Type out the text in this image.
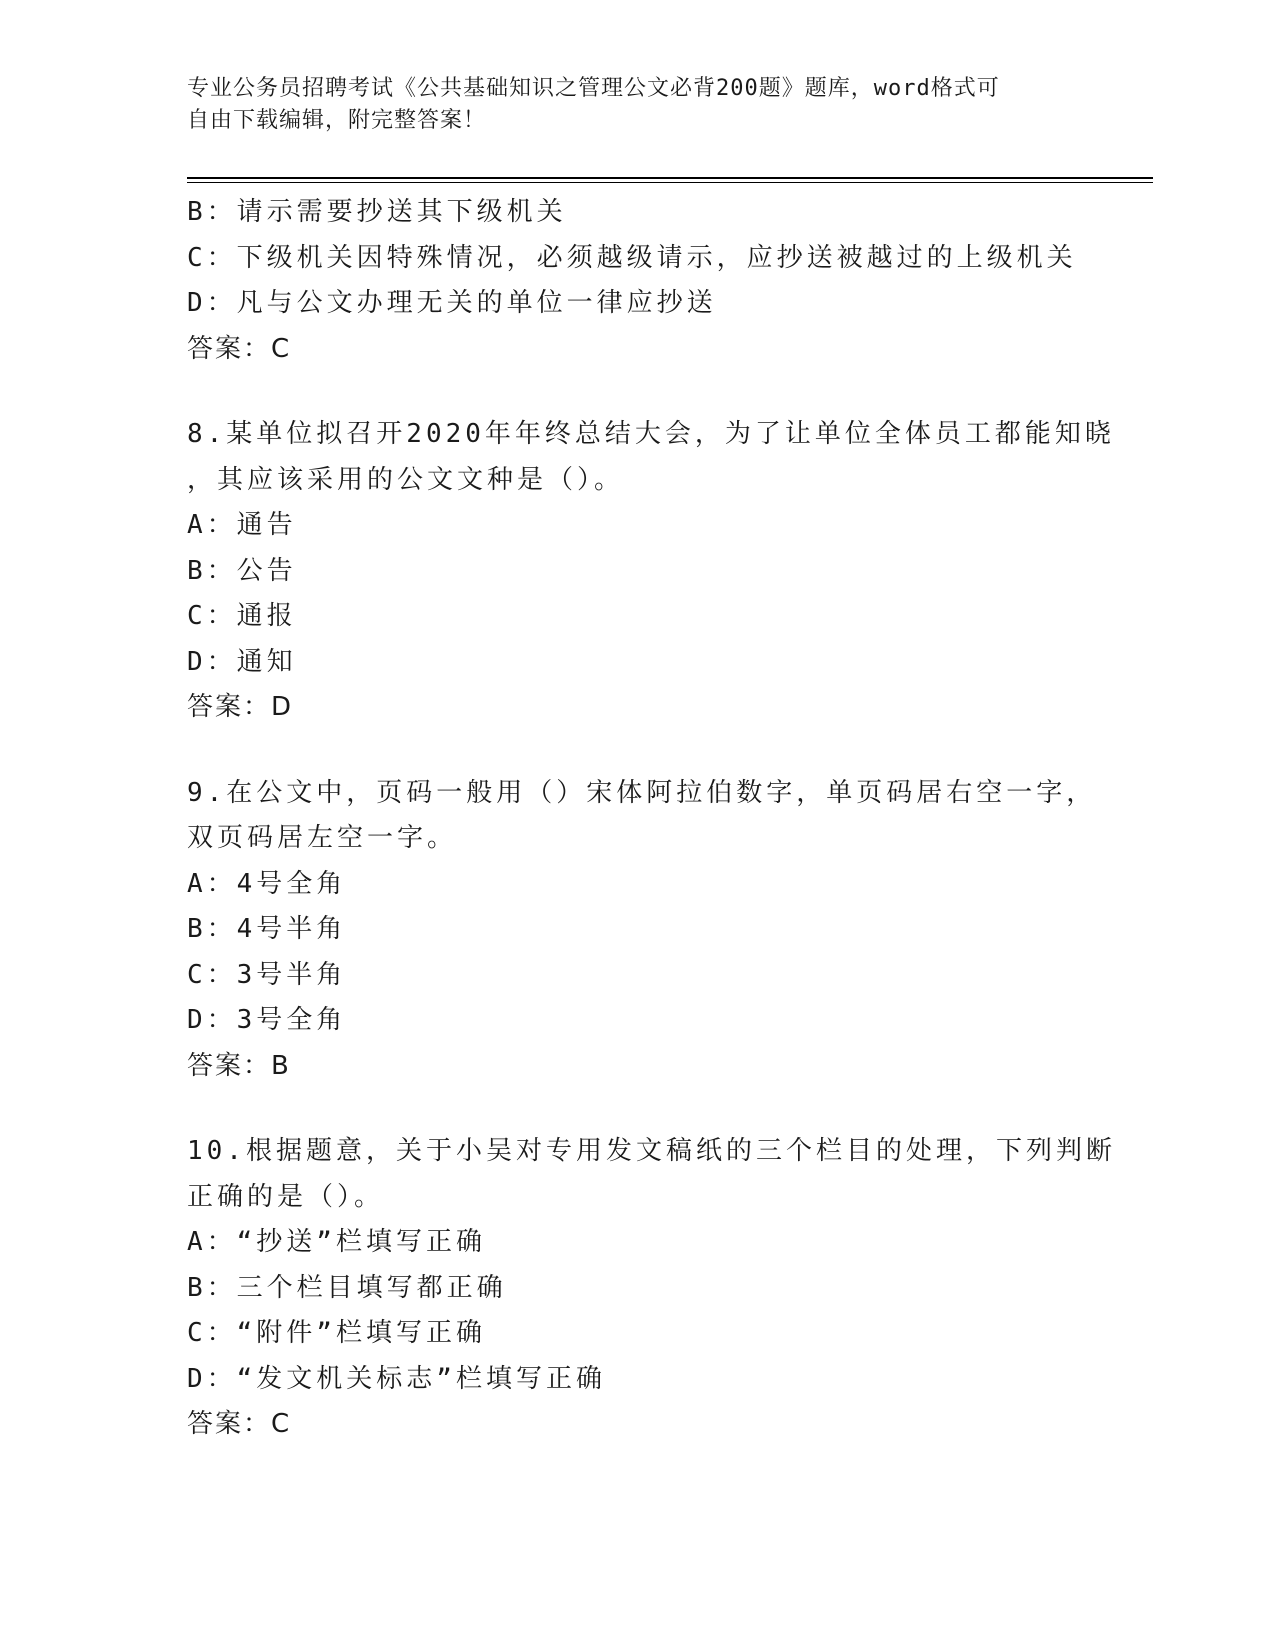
专业公务员招聘考试《公共基础知识之管理公文必背200题》题库，word格式可
自由下载编辑，附完整答案！
B：请示需要抄送其下级机关
C：下级机关因特殊情况，必须越级请示，应抄送被越过的上级机关
D：凡与公文办理无关的单位一律应抄送
答案：C
8.某单位拟召开2020年年终总结大会，为了让单位全体员工都能知晓
，其应该采用的公文文种是（）。
A：通告
B：公告
C：通报
D：通知
答案：D
9.在公文中，页码一般用（）宋体阿拉伯数字，单页码居右空一字，
双页码居左空一字。
A：4号全角
B：4号半角
C：3号半角
D：3号全角
答案：B
10.根据题意，关于小吴对专用发文稿纸的三个栏目的处理，下列判断
正确的是（）。
A：“抄送”栏填写正确
B：三个栏目填写都正确
C：“附件”栏填写正确
D：“发文机关标志”栏填写正确
答案：C
